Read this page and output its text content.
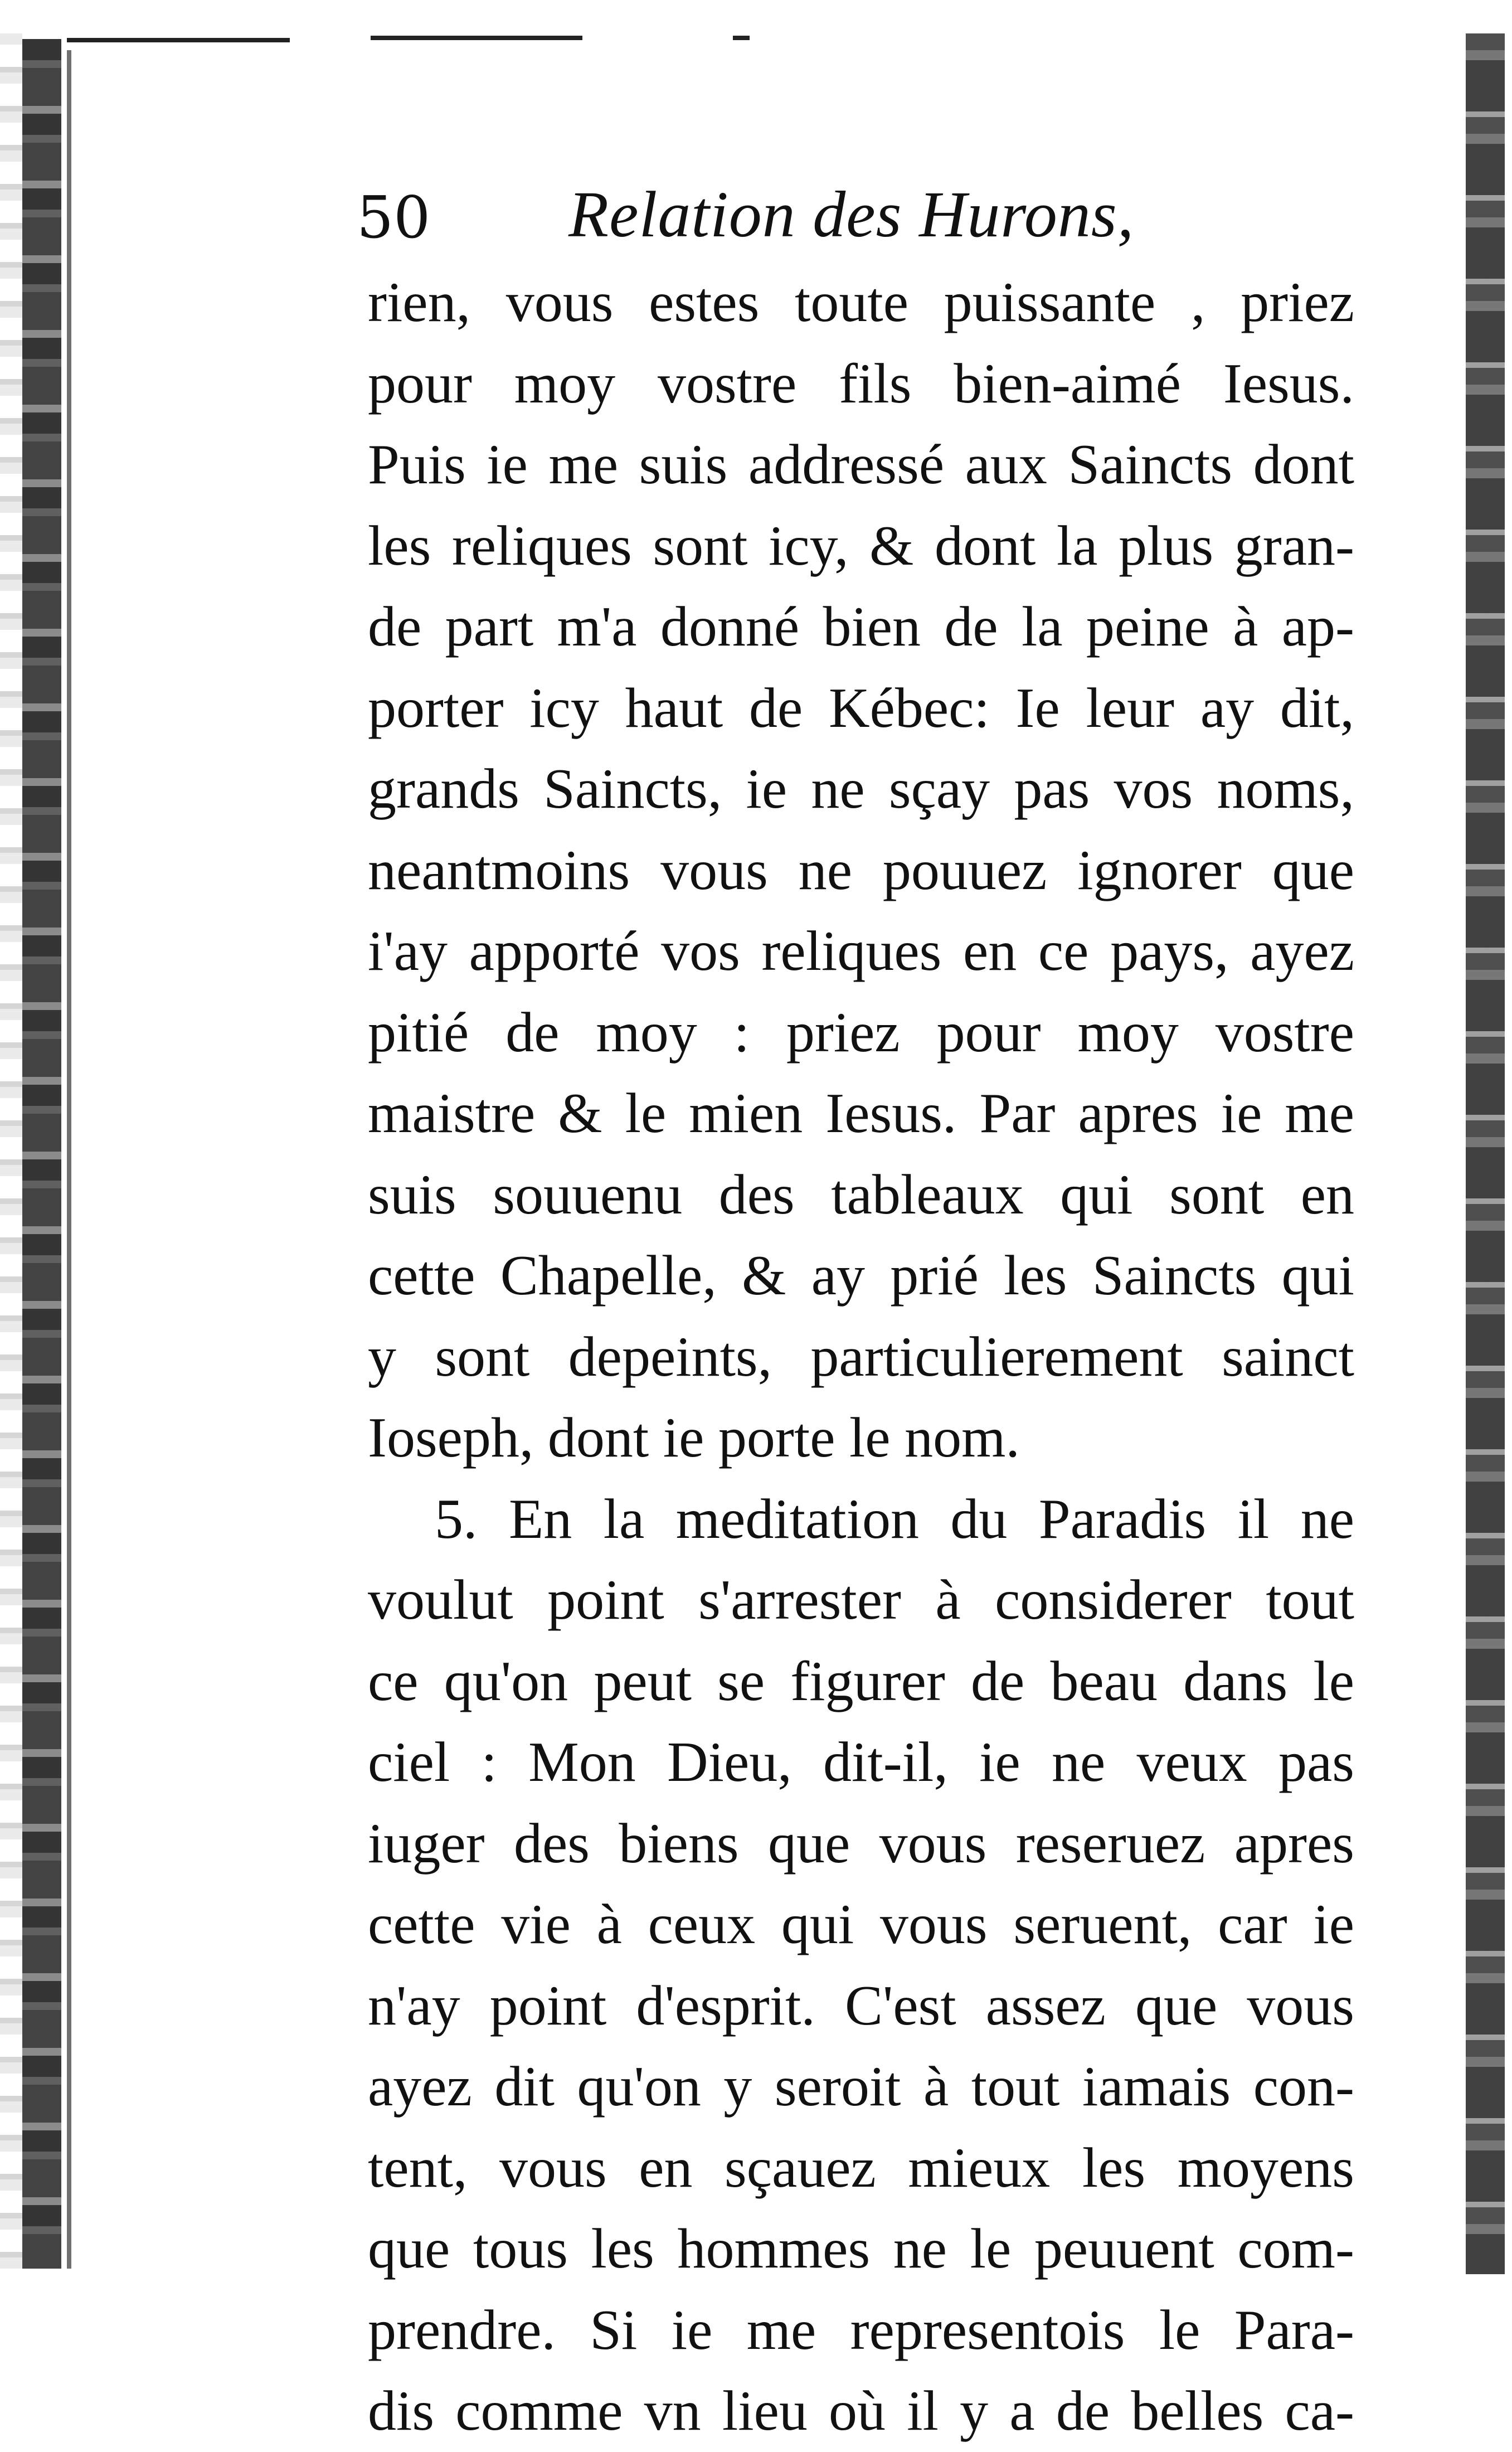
50 Relation des Hurons,
rien, vous estes toute puissante , priez
pour moy vostre fils bien-aimé Iesus.
Puis ie me suis addressé aux Saincts dont
les reliques sont icy, & dont la plus gran-
de part m'a donné bien de la peine à ap-
porter icy haut de Kébec: Ie leur ay dit,
grands Saincts, ie ne sçay pas vos noms,
neantmoins vous ne pouuez ignorer que
i'ay apporté vos reliques en ce pays, ayez
pitié de moy : priez pour moy vostre
maistre & le mien Iesus. Par apres ie me
suis souuenu des tableaux qui sont en
cette Chapelle, & ay prié les Saincts qui
y sont depeints, particulierement sainct
Ioseph, dont ie porte le nom.
5. En la meditation du Paradis il ne
voulut point s'arrester à considerer tout
ce qu'on peut se figurer de beau dans le
ciel : Mon Dieu, dit-il, ie ne veux pas
iuger des biens que vous reseruez apres
cette vie à ceux qui vous seruent, car ie
n'ay point d'esprit. C'est assez que vous
ayez dit qu'on y seroit à tout iamais con-
tent, vous en sçauez mieux les moyens
que tous les hommes ne le peuuent com-
prendre. Si ie me representois le Para-
dis comme vn lieu où il y a de belles ca-
